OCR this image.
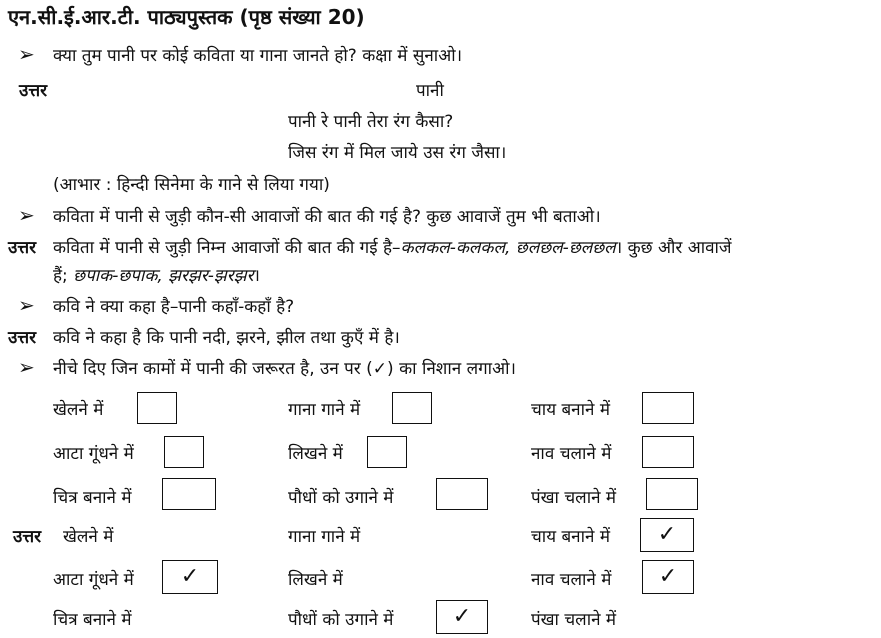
एन.सी.ई.आर.टी. पाठ्यपुस्तक (पृष्ठ संख्या 20)
➢ क्या तुम पानी पर कोई कविता या गाना जानते हो? कक्षा में सुनाओ।
उत्तर	पानी
पानी रे पानी तेरा रंग कैसा?
जिस रंग में मिल जाये उस रंग जैसा।
(आभार : हिन्दी सिनेमा के गाने से लिया गया)
➢ कविता में पानी से जुड़ी कौन-सी आवाजों की बात की गई है? कुछ आवाजें तुम भी बताओ।
उत्तर कविता में पानी से जुड़ी निम्न आवाजों की बात की गई है–कलकल-कलकल, छलछल-छलछल। कुछ और आवाजें
हैं; छपाक-छपाक, झरझर-झरझर।
➢ कवि ने क्या कहा है–पानी कहाँ-कहाँ है?
उत्तर कवि ने कहा है कि पानी नदी, झरने, झील तथा कुएँ में है।
➢ नीचे दिए जिन कामों में पानी की जरूरत है, उन पर (✓) का निशान लगाओ।
खेलने में	गाना गाने में	चाय बनाने में
आटा गूंधने में	लिखने में	नाव चलाने में
चित्र बनाने में	पौधों को उगाने में	पंखा चलाने में
उत्तर खेलने में	गाना गाने में	चाय बनाने में	✓
आटा गूंधने में	✓	लिखने में	नाव चलाने में	✓
चित्र बनाने में	पौधों को उगाने में	✓	पंखा चलाने में
